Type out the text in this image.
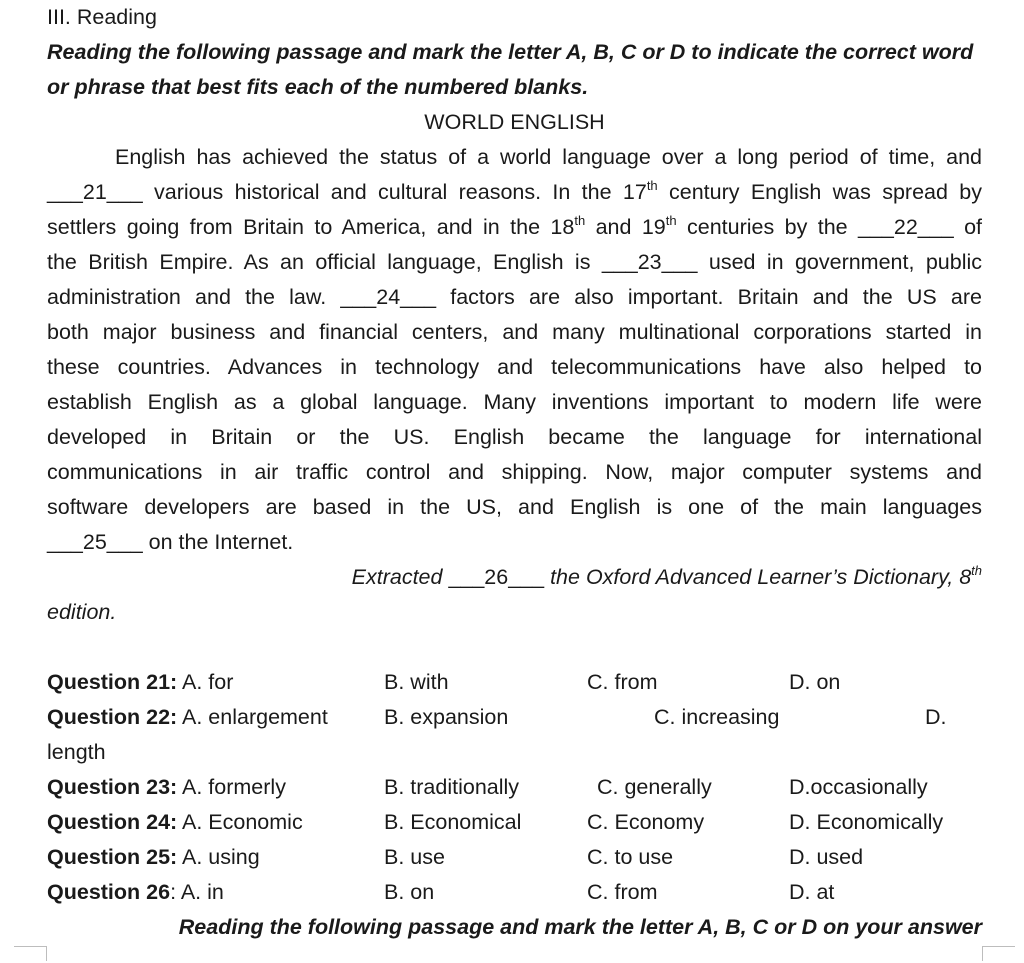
III. Reading
Reading the following passage and mark the letter A, B, C or D to indicate the correct word
or phrase that best fits each of the numbered blanks.
WORLD ENGLISH
English has achieved the status of a world language over a long period of time, and
___21___ various historical and cultural reasons. In the 17th century English was spread by
settlers going from Britain to America, and in the 18th and 19th centuries by the ___22___ of
the British Empire. As an official language, English is ___23___ used in government, public
administration and the law. ___24___ factors are also important. Britain and the US are
both major business and financial centers, and many multinational corporations started in
these countries. Advances in technology and telecommunications have also helped to
establish English as a global language. Many inventions important to modern life were
developed in Britain or the US. English became the language for international
communications in air traffic control and shipping. Now, major computer systems and
software developers are based in the US, and English is one of the main languages
___25___ on the Internet.
Extracted ___26___ the Oxford Advanced Learner’s Dictionary, 8th
edition.
Question 21: A. for	B. with	C. from	D. on
Question 22: A. enlargement	B. expansion	C. increasing	D.
length
Question 23: A. formerly	B. traditionally	C. generally	D.occasionally
Question 24: A. Economic	B. Economical	C. Economy	D. Economically
Question 25: A. using	B. use	C. to use	D. used
Question 26: A. in	B. on	C. from	D. at
Reading the following passage and mark the letter A, B, C or D on your answer
